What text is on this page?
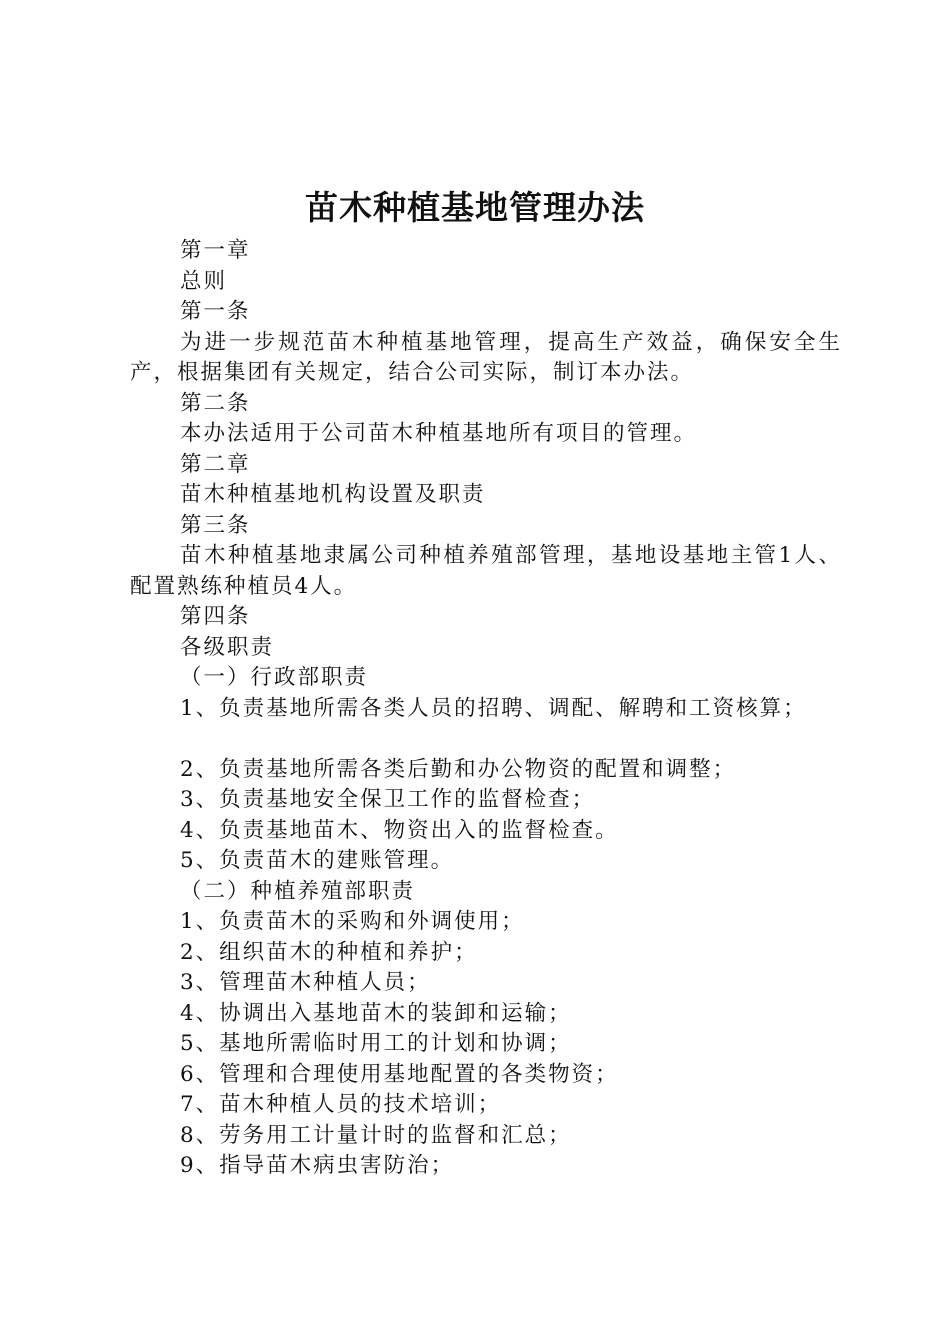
苗木种植基地管理办法
第一章
总则
第一条

为进一步规范苗木种植基地管理，提高生产效益，确保安全生产，根据集团有关规定，结合公司实际，制订本办法。

第二条
本办法适用于公司苗木种植基地所有项目的管理。
第二章
苗木种植基地机构设置及职责
第三条

苗木种植基地隶属公司种植养殖部管理，基地设基地主管1人、配置熟练种植员4人。

第四条
各级职责
（一）行政部职责
1、负责基地所需各类人员的招聘、调配、解聘和工资核算；
2、负责基地所需各类后勤和办公物资的配置和调整；
3、负责基地安全保卫工作的监督检查；
4、负责基地苗木、物资出入的监督检查。
5、负责苗木的建账管理。
（二）种植养殖部职责
1、负责苗木的采购和外调使用；
2、组织苗木的种植和养护；
3、管理苗木种植人员；
4、协调出入基地苗木的装卸和运输；
5、基地所需临时用工的计划和协调；
6、管理和合理使用基地配置的各类物资；
7、苗木种植人员的技术培训；
8、劳务用工计量计时的监督和汇总；
9、指导苗木病虫害防治；
